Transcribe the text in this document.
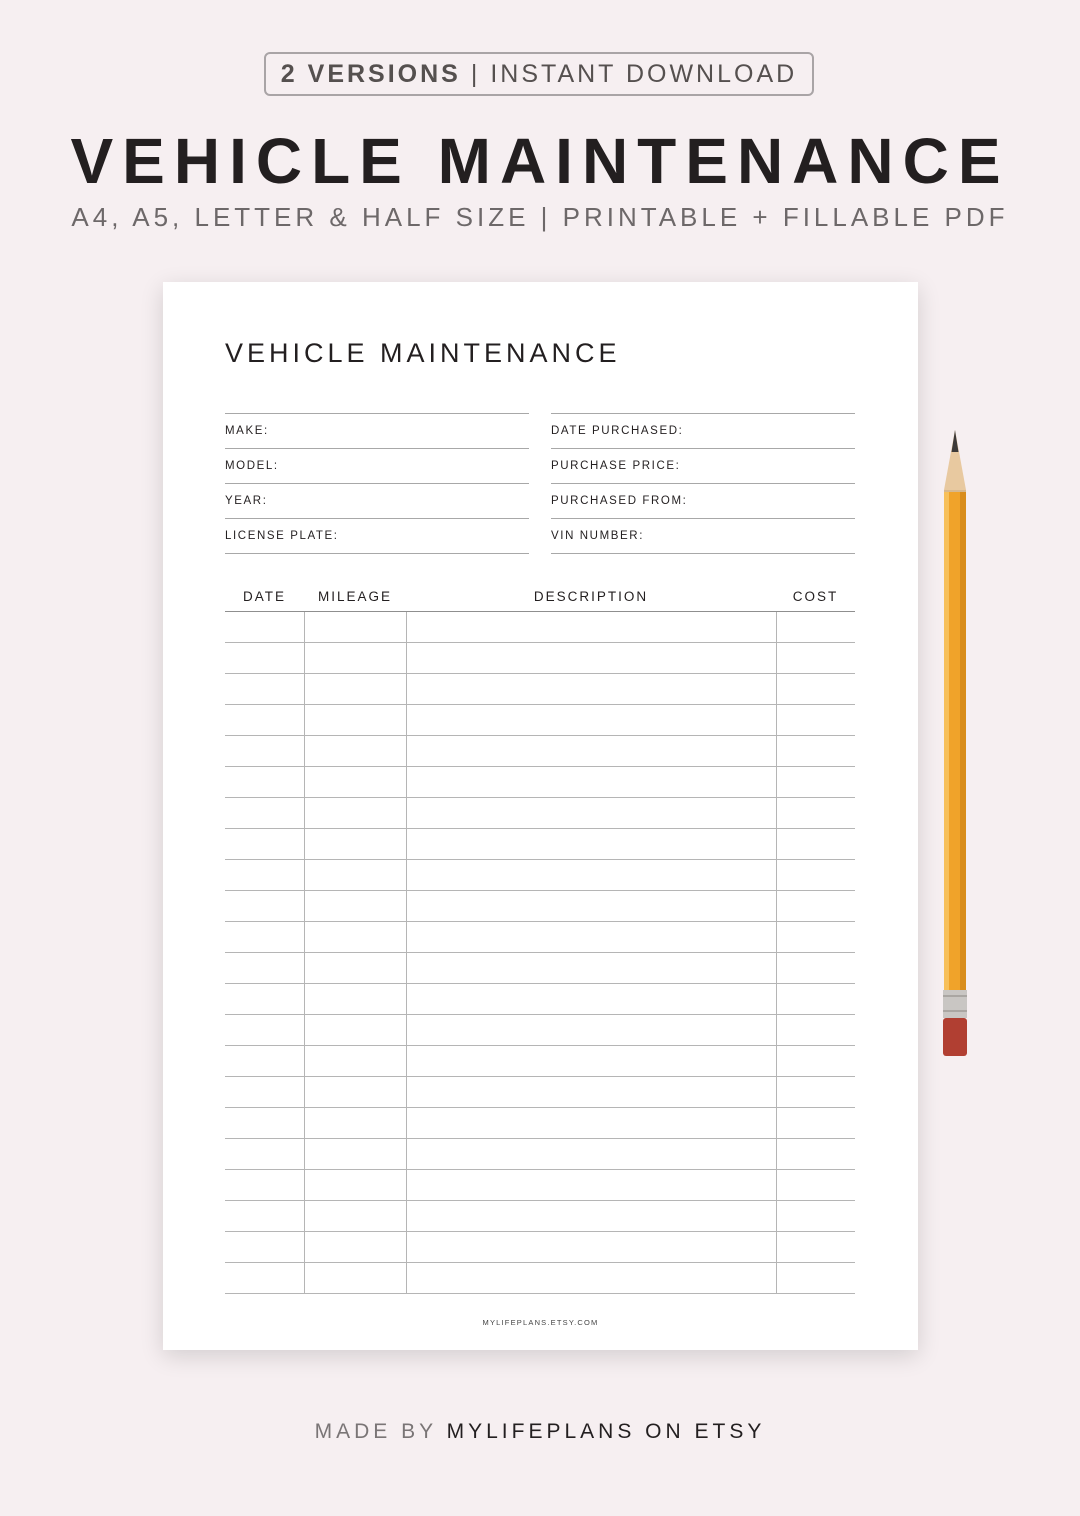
2 VERSIONS | INSTANT DOWNLOAD
VEHICLE MAINTENANCE
A4, A5, LETTER & HALF SIZE | PRINTABLE + FILLABLE PDF
VEHICLE MAINTENANCE
MAKE:
MODEL:
YEAR:
LICENSE PLATE:
DATE PURCHASED:
PURCHASE PRICE:
PURCHASED FROM:
VIN NUMBER:
DATE	MILEAGE	DESCRIPTION	COST

MYLIFEPLANS.ETSY.COM
MADE BY MYLIFEPLANS ON ETSY
